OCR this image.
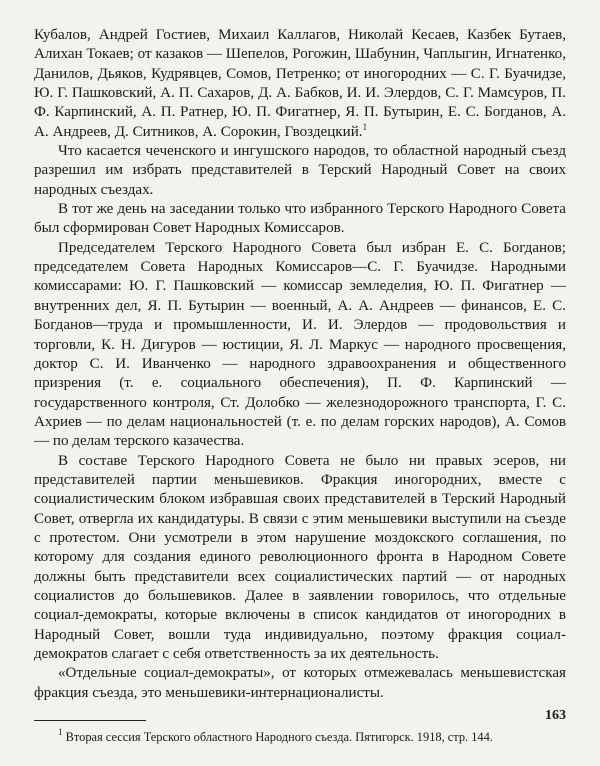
Кубалов, Андрей Гостиев, Михаил Каллагов, Николай Кесаев, Казбек Бутаев, Алихан Токаев; от казаков — Шепелов, Рогожин, Шабунин, Чаплыгин, Игнатенко, Данилов, Дьяков, Кудрявцев, Сомов, Петренко; от иногородних — С. Г. Буачидзе, Ю. Г. Пашковский, А. П. Сахаров, Д. А. Бабков, И. И. Элердов, С. Г. Мамсуров, П. Ф. Карпинский, А. П. Ратнер, Ю. П. Фигатнер, Я. П. Бутырин, Е. С. Богданов, А. А. Андреев, Д. Ситников, А. Сорокин, Гвоздецкий.$^1$

Что касается чеченского и ингушского народов, то областной народный съезд разрешил им избрать представителей в Терский Народный Совет на своих народных съездах.

В тот же день на заседании только что избранного Терского Народного Совета был сформирован Совет Народных Комиссаров.

Председателем Терского Народного Совета был избран Е. С. Богданов; председателем Совета Народных Комиссаров—С. Г. Буачидзе. Народными комиссарами: Ю. Г. Пашковский — комиссар земледелия, Ю. П. Фигатнер — внутренних дел, Я. П. Бутырин — военный, А. А. Андреев — финансов, Е. С. Богданов—труда и промышленности, И. И. Элердов — продовольствия и торговли, К. Н. Дигуров — юстиции, Я. Л. Маркус — народного просвещения, доктор С. И. Иванченко — народного здравоохранения и общественного призрения (т. е. социального обеспечения), П. Ф. Карпинский — государственного контроля, Ст. Долобко — железнодорожного транспорта, Г. С. Ахриев — по делам национальностей (т. е. по делам горских народов), А. Сомов — по делам терского казачества.

В составе Терского Народного Совета не было ни правых эсеров, ни представителей партии меньшевиков. Фракция иногородних, вместе с социалистическим блоком избравшая своих представителей в Терский Народный Совет, отвергла их кандидатуры. В связи с этим меньшевики выступили на съезде с протестом. Они усмотрели в этом нарушение моздокского соглашения, по которому для создания единого революционного фронта в Народном Совете должны быть представители всех социалистических партий — от народных социалистов до большевиков. Далее в заявлении говорилось, что отдельные социал-демократы, которые включены в список кандидатов от иногородних в Народный Совет, вошли туда индивидуально, поэтому фракция социал-демократов слагает с себя ответственность за их деятельность.

«Отдельные социал-демократы», от которых отмежевалась меньшевистская фракция съезда, это меньшевики-интернационалисты.

$^1$ Вторая сессия Терского областного Народного съезда. Пятигорск. 1918, стр. 144.

163
